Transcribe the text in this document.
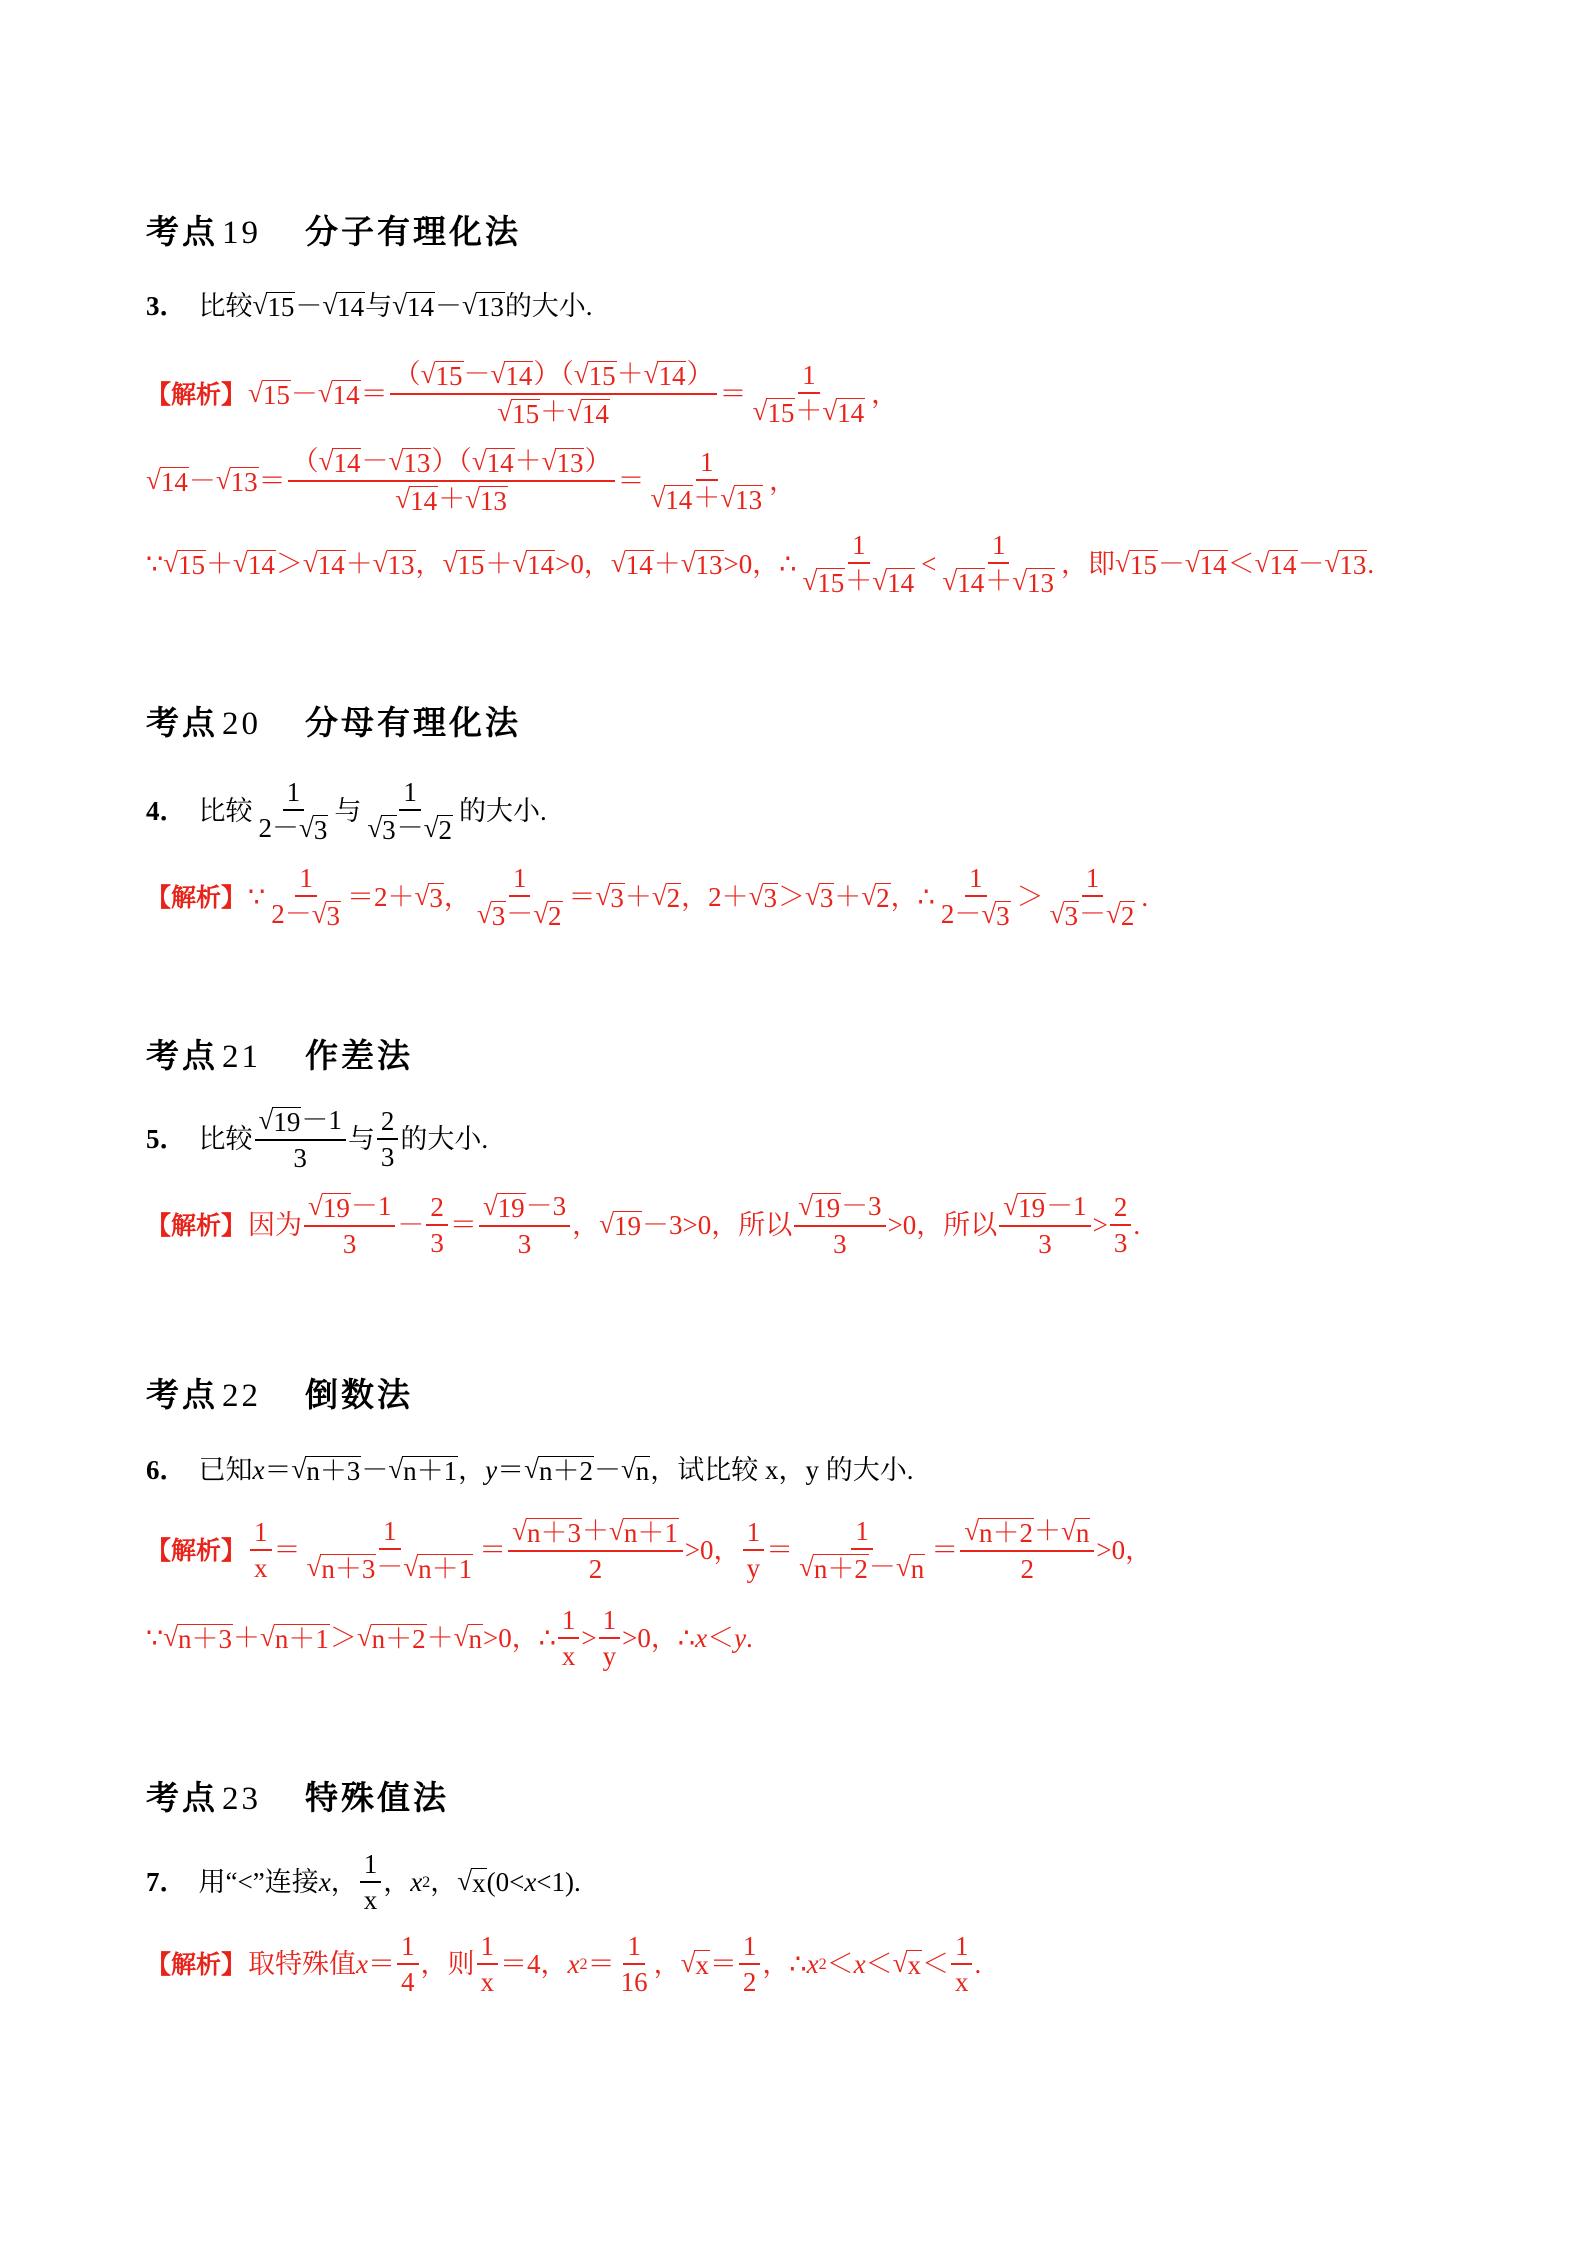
考点 19 分子有理化法
3． 比较 √ 15 － √ 14 与 √ 14 － √ 13 的大小.
【解析】 √ 15 － √ $14 = \frac{( √ 15 - √ 14 )( √ 15 + √ 14 )}{√ 15 + √ 14} = \frac{1}{√ 15 + √ 14}$ ，
√ 14 － √ $13 = \frac{( √ 14 - √ 13 )( √ 14 + √ 13 )}{√ 14 + √ 13} = \frac{1}{√ 14 + √ 13}$ ，
∵ √ 15 ＋ √ 14 ＞ √ 14 ＋ √ 13 ， √ 15 ＋ √ 14 >0， √ 14 ＋ √ 13 >0， ∴ $\frac{1}{√ 15 + √ 14} < \frac{1}{√ 14 + √ 13}$ ， 即 √ 15 － √ 14 ＜ √ 14 － √ 13 .
考点 20 分母有理化法
4． 比较 $\frac{1}{2- √ 3}$ 与 $\frac{1}{√ 3 - √ 2}$ 的大小.
【解析】 ∵ $\frac{1}{2- √ 3} =2+$ √ 3 ， $\frac{1}{√ 3 - √ 2}$ ＝ √ 3 ＋ √ 2 ，2＋ √ 3 ＞ √ 3 ＋ √ 2 ， ∴ $\frac{1}{2- √ 3} > \frac{1}{√ 3 - √ 2}$ .
考点 21 作差法
5． 比较 $\frac{√ 19 -1}{3}$ 与 $\frac{2}{3}$ 的大小.
【解析】 因为 $\frac{√ 19 -1}{3} - \frac{2}{3} = \frac{√ 19 -3}{3}$ ， √ 19 －3>0， 所以 $\frac{√ 19 -3}{3} >0$， 所以 $\frac{√ 19 -1}{3} > \frac{2}{3}$ .
考点 22 倒数法
6． 已知 x ＝ √ n＋3 － √ n＋1 ， y ＝ √ n＋2 － √ n ， 试比较 x，y 的大小.
【解析】 $\frac{1}{x} = \frac{1}{√ n+3 - √ n+1} = \frac{√ n+3 + √ n+1}{2} >0$， $\frac{1}{y} = \frac{1}{√ n+2 - √ n} = \frac{√ n+2 + √ n}{2} >0$，
∵ √ n＋3 ＋ √ n＋1 ＞ √ n＋2 ＋ √ n >0， ∴ $\frac{1}{x} > \frac{1}{y} >0$， ∴ x ＜ y .
考点 23 特殊值法
7． 用“<”连接 x ， $\frac{1}{x}$ ， x 2 ， √ x (0< x <1) .
【解析】 取特殊值 $x = \frac{1}{4}$ ， 则 $\frac{1}{x} =4$， x $2 = \frac{1}{16}$ ， √ $x = \frac{1}{2}$ ， ∴ x 2 ＜ x ＜ √ $x < \frac{1}{x}$ .
